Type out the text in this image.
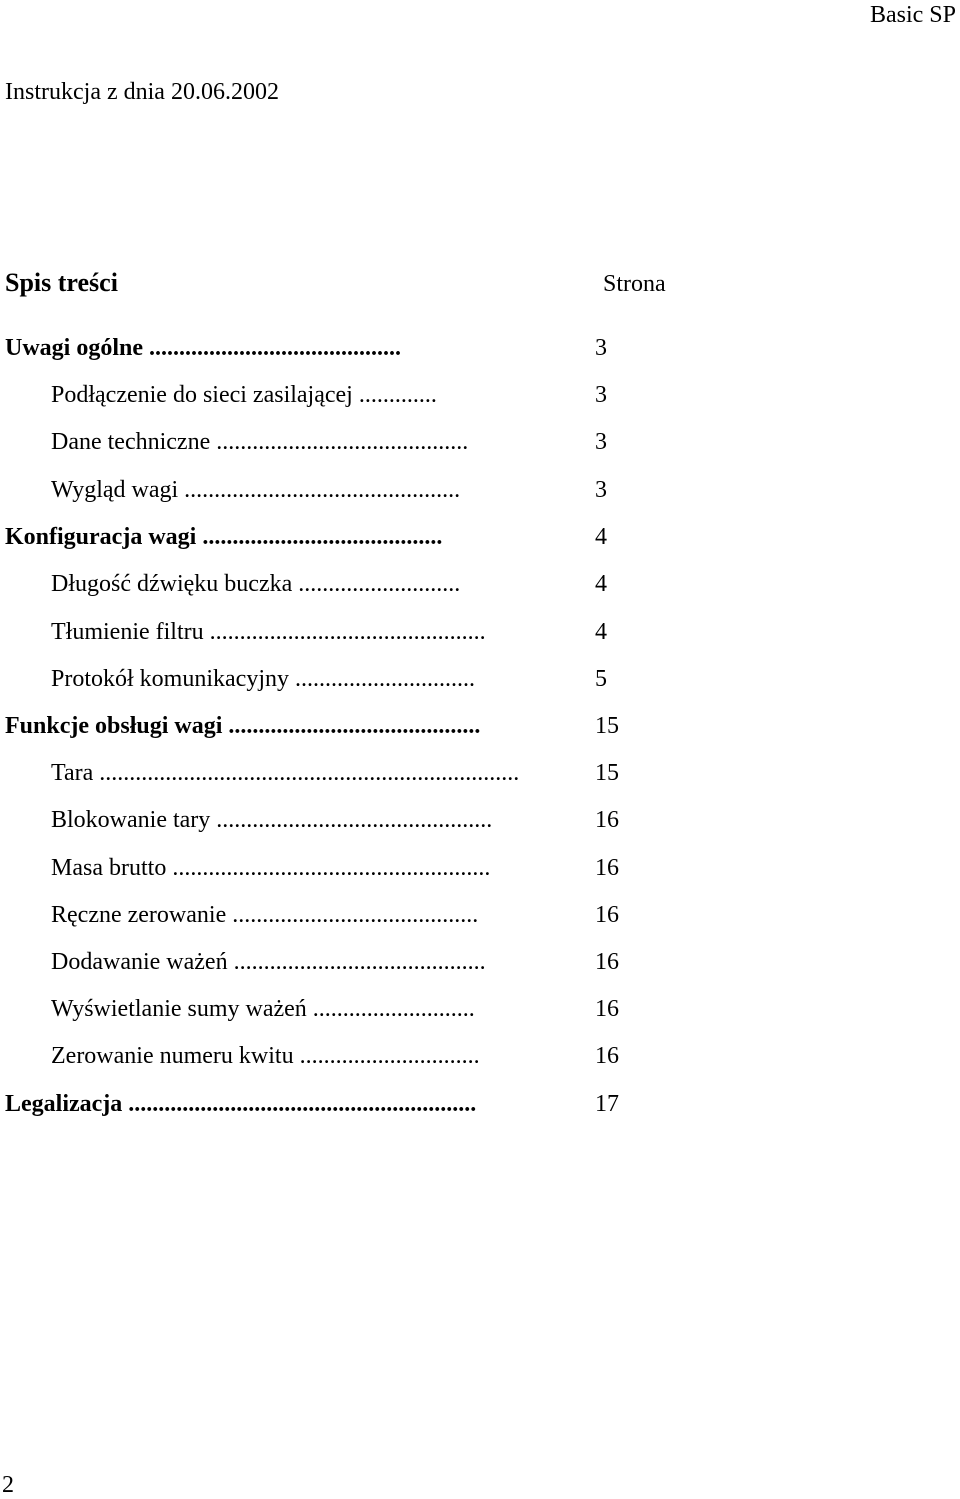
Basic SP
Instrukcja z dnia 20.06.2002
Spis treści	Strona
Uwagi ogólne ..........................................	3
Podłączenie do sieci zasilającej .............	3
Dane techniczne ..........................................	3
Wygląd wagi ..............................................	3
Konfiguracja wagi ........................................	4
Długość dźwięku buczka ...........................	4
Tłumienie filtru ..............................................	4
Protokół komunikacyjny ..............................	5
Funkcje obsługi wagi ..........................................	15
Tara ......................................................................	15
Blokowanie tary ..............................................	16
Masa brutto .....................................................	16
Ręczne zerowanie .........................................	16
Dodawanie ważeń ..........................................	16
Wyświetlanie sumy ważeń ...........................	16
Zerowanie numeru kwitu ..............................	16
Legalizacja ..........................................................	17
2
